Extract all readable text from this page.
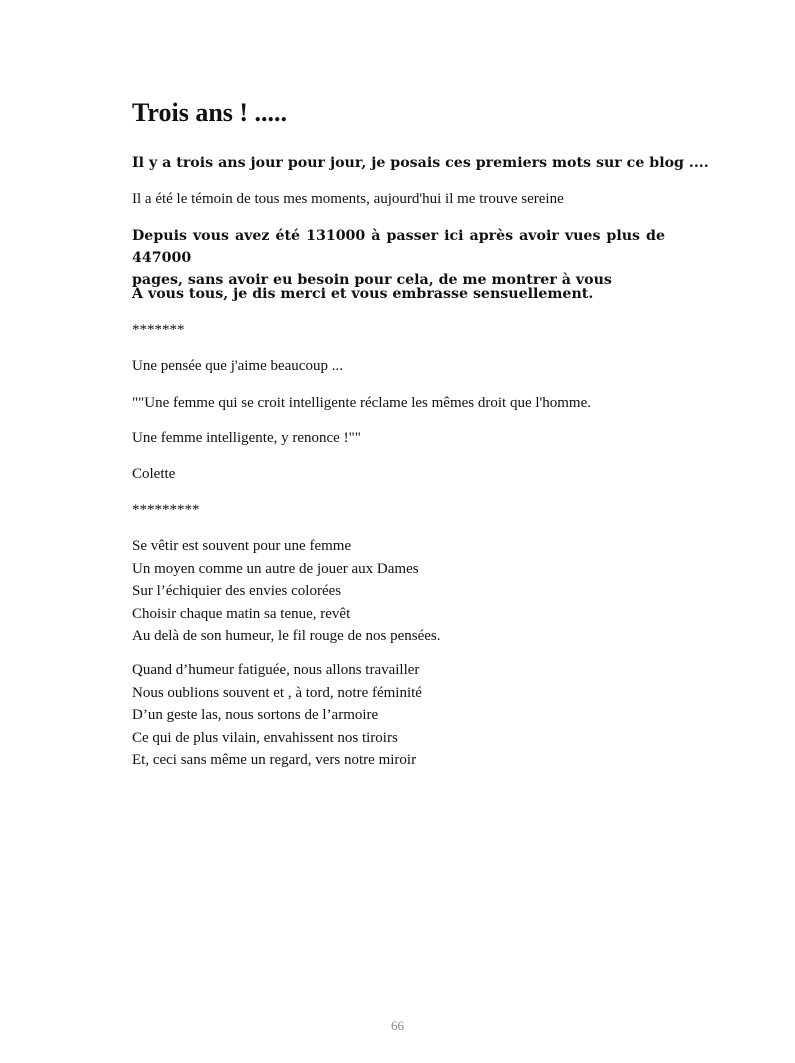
Trois ans ! .....

Il y a trois ans jour pour jour, je posais ces premiers mots sur ce blog ....

Il a été le témoin de tous mes moments, aujourd'hui il me trouve sereine

Depuis vous avez été 131000 à passer ici après avoir vues plus de 447000
pages, sans avoir eu besoin pour cela, de me montrer à vous

A vous tous, je dis merci et vous embrasse sensuellement.

*******

Une pensée que j'aime beaucoup ...

""Une femme qui se croit intelligente réclame les mêmes droit que l'homme.

Une femme intelligente, y renonce !""

Colette

*********

Se vêtir est souvent pour une femme
Un moyen comme un autre de jouer aux Dames
Sur l’échiquier des envies colorées
Choisir chaque matin sa tenue, revêt
Au delà de son humeur, le fil rouge de nos pensées.
Quand d’humeur fatiguée, nous allons travailler
Nous oublions souvent et , à tord, notre féminité
D’un geste las, nous sortons de l’armoire
Ce qui de plus vilain, envahissent nos tiroirs
Et, ceci sans même un regard, vers notre miroir
66
